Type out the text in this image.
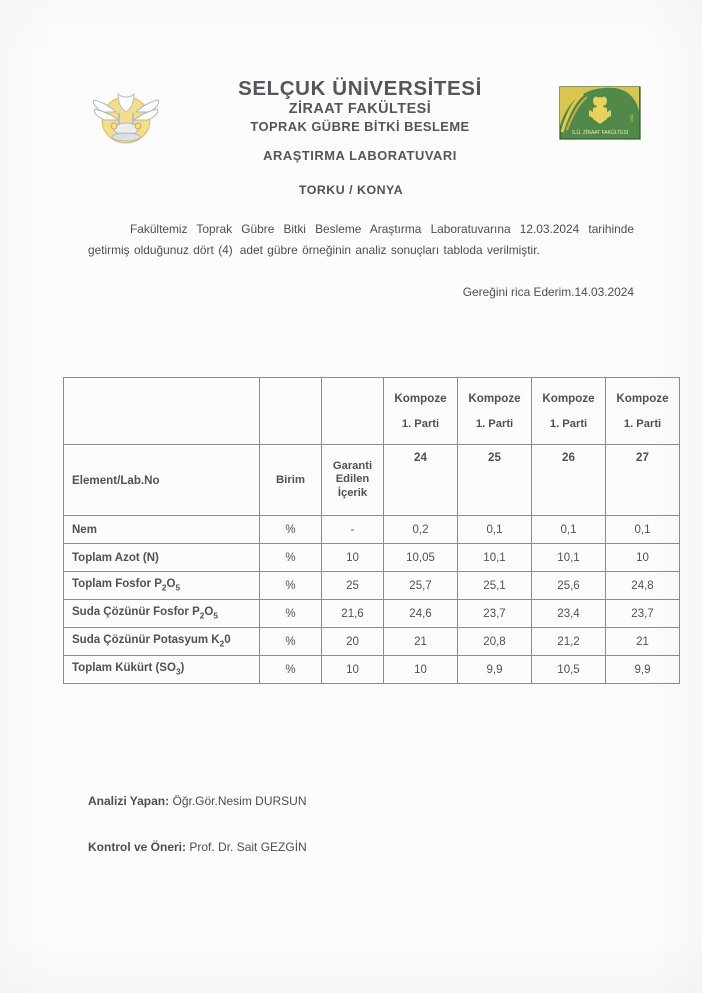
S.Ü. ZİRAAT FAKÜLTESİ
1982
SELÇUK ÜNİVERSİTESİ
ZİRAAT FAKÜLTESİ
TOPRAK GÜBRE BİTKİ BESLEME
ARAŞTIRMA LABORATUVARI
TORKU / KONYA
Fakültemiz Toprak Gübre Bitki Besleme Araştırma Laboratuvarına 12.03.2024 tarihinde getirmiş olduğunuz dört (4) adet gübre örneğinin analiz sonuçları tabloda verilmiştir.
Gereğini rica Ederim.14.03.2024

			Kompoze
1. Parti	Kompoze
1. Parti	Kompoze
1. Parti	Kompoze
1. Parti

Element/Lab.No	Birim	Garanti
Edilen
İçerik	24	25	26	27
Nem	%	-	0,2	0,1	0,1	0,1
Toplam Azot (N)	%	10	10,05	10,1	10,1	10
Toplam Fosfor $P_2O_5$	%	25	25,7	25,1	25,6	24,8
Suda Çözünür Fosfor $P_2O_5$	%	21,6	24,6	23,7	23,4	23,7
Suda Çözünür Potasyum $K_20$	%	20	21	20,8	21,2	21
Toplam Kükürt $(SO_3)$	%	10	10	9,9	10,5	9,9
Analizi Yapan: Öğr.Gör.Nesim DURSUN
Kontrol ve Öneri: Prof. Dr. Sait GEZGİN
